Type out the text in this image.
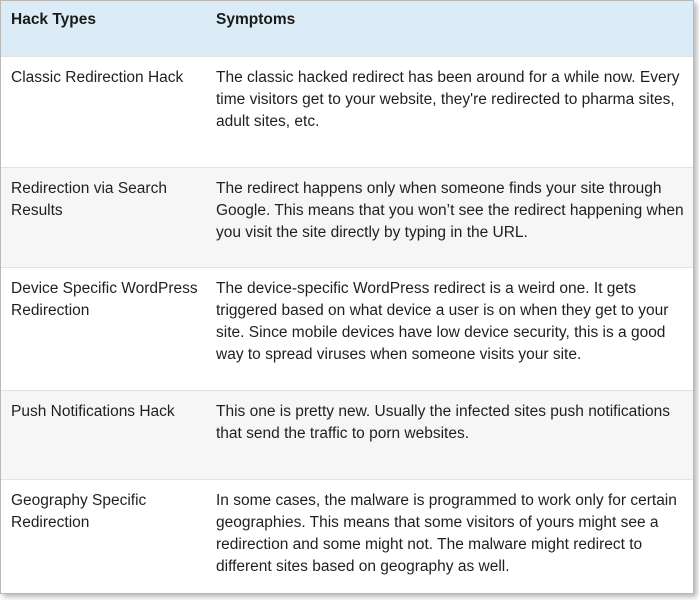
Hack Types	Symptoms
Classic Redirection Hack	The classic hacked redirect has been around for a while now. Every time visitors get to your website, they're redirected to pharma sites, adult sites, etc.
Redirection via Search Results	The redirect happens only when someone finds your site through Google. This means that you won’t see the redirect happening when you visit the site directly by typing in the URL.
Device Specific WordPress Redirection	The device-specific WordPress redirect is a weird one. It gets triggered based on what device a user is on when they get to your site. Since mobile devices have low device security, this is a good way to spread viruses when someone visits your site.
Push Notifications Hack	This one is pretty new. Usually the infected sites push notifications that send the traffic to porn websites.
Geography Specific Redirection	In some cases, the malware is programmed to work only for certain geographies. This means that some visitors of yours might see a redirection and some might not. The malware might redirect to different sites based on geography as well.
